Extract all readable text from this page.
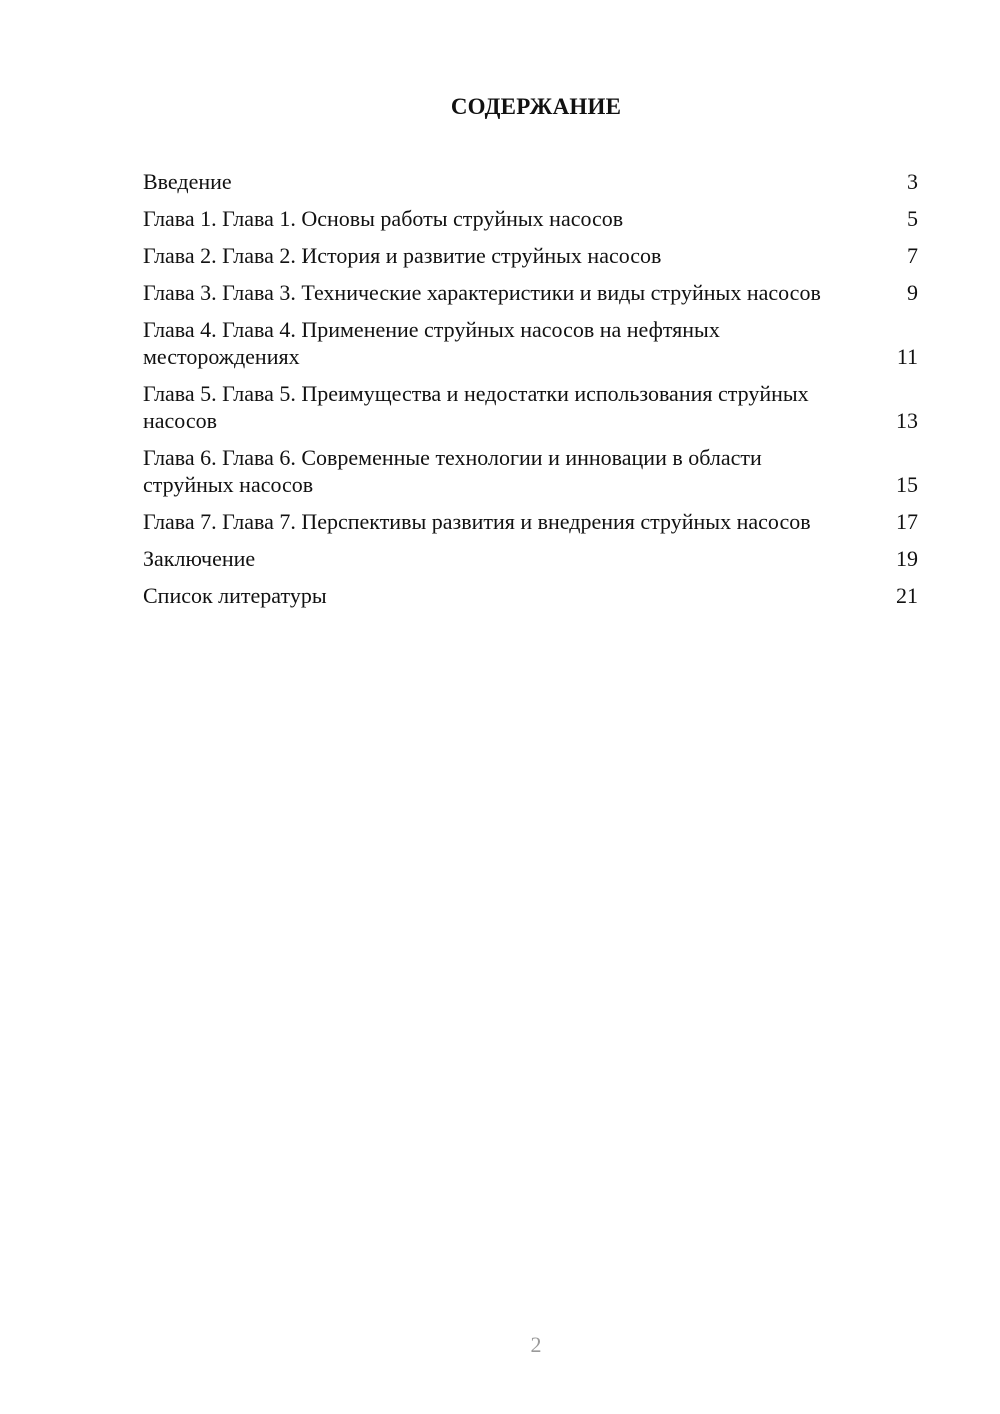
СОДЕРЖАНИЕ
Введение	3
Глава 1. Глава 1. Основы работы струйных насосов	5
Глава 2. Глава 2. История и развитие струйных насосов	7
Глава 3. Глава 3. Технические характеристики и виды струйных насосов	9
Глава 4. Глава 4. Применение струйных насосов на нефтяных месторождениях	11
Глава 5. Глава 5. Преимущества и недостатки использования струйных насосов	13
Глава 6. Глава 6. Современные технологии и инновации в области струйных насосов	15
Глава 7. Глава 7. Перспективы развития и внедрения струйных насосов	17
Заключение	19
Список литературы	21
2
